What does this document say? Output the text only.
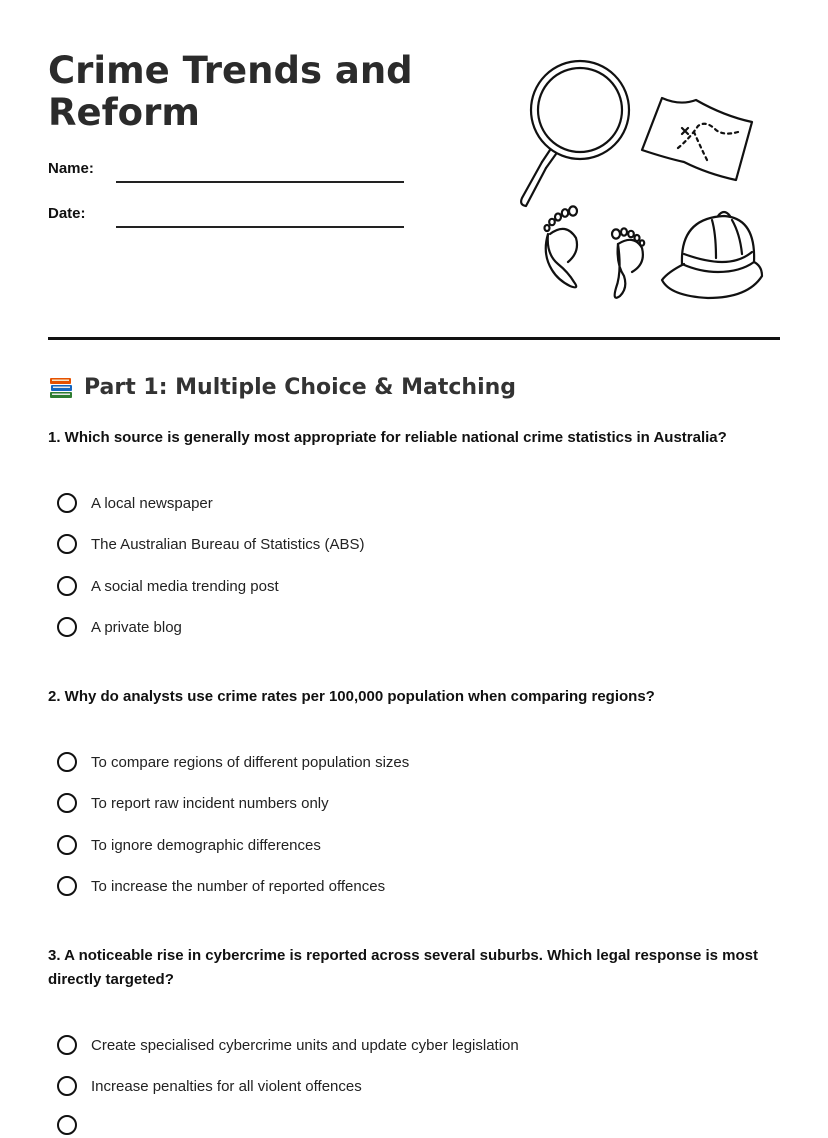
Crime Trends and Reform
Name:
Date:
Part 1: Multiple Choice & Matching

1. Which source is generally most appropriate for reliable national crime statistics in Australia?

A local newspaper
The Australian Bureau of Statistics (ABS)
A social media trending post
A private blog

2. Why do analysts use crime rates per 100,000 population when comparing regions?

To compare regions of different population sizes
To report raw incident numbers only
To ignore demographic differences
To increase the number of reported offences

3. A noticeable rise in cybercrime is reported across several suburbs. Which legal response is most directly targeted?

Create specialised cybercrime units and update cyber legislation
Increase penalties for all violent offences
